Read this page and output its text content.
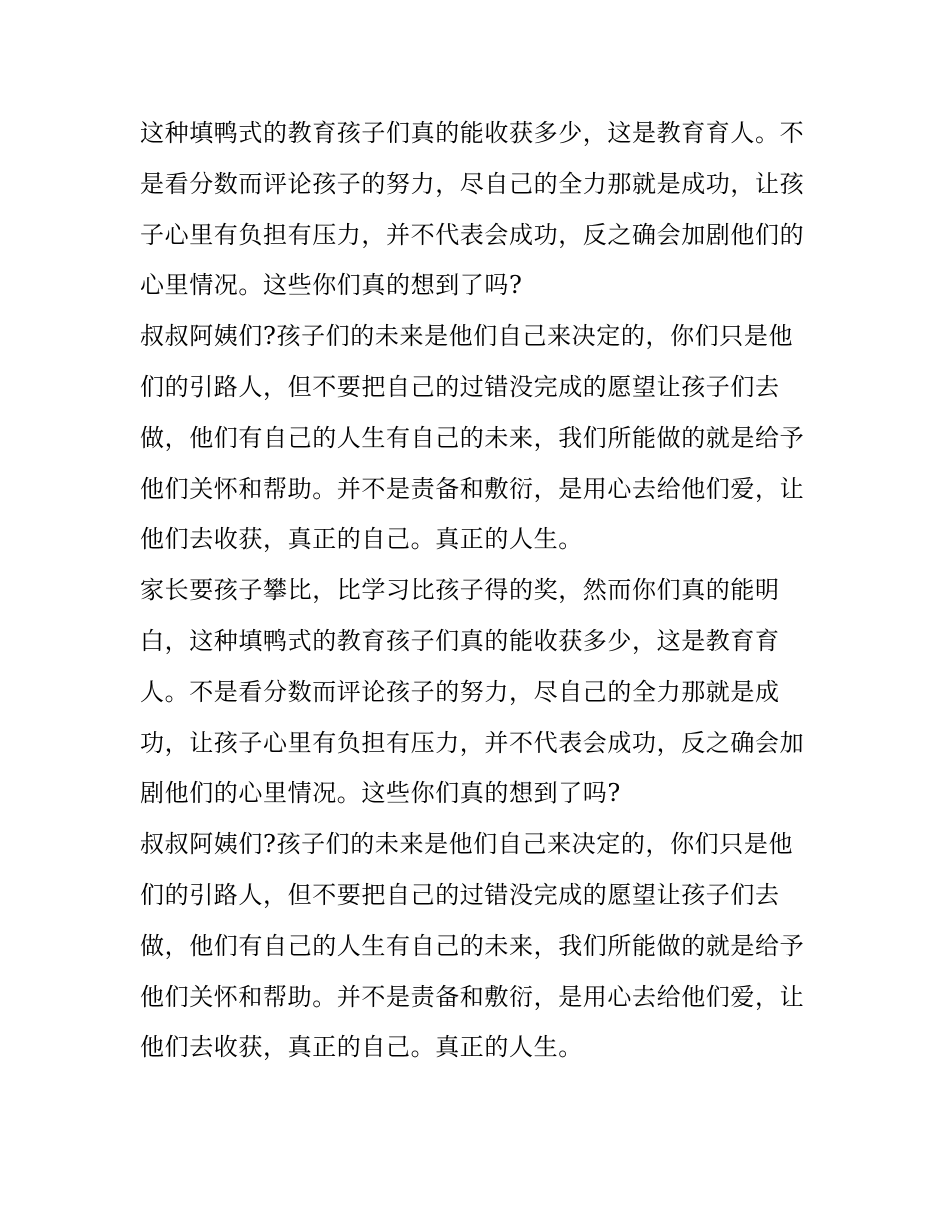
这种填鸭式的教育孩子们真的能收获多少，这是教育育人。不
是看分数而评论孩子的努力，尽自己的全力那就是成功，让孩
子心里有负担有压力，并不代表会成功，反之确会加剧他们的
心里情况。这些你们真的想到了吗?
叔叔阿姨们?孩子们的未来是他们自己来决定的，你们只是他
们的引路人，但不要把自己的过错没完成的愿望让孩子们去
做，他们有自己的人生有自己的未来，我们所能做的就是给予
他们关怀和帮助。并不是责备和敷衍，是用心去给他们爱，让
他们去收获，真正的自己。真正的人生。
家长要孩子攀比，比学习比孩子得的奖，然而你们真的能明
白，这种填鸭式的教育孩子们真的能收获多少，这是教育育
人。不是看分数而评论孩子的努力，尽自己的全力那就是成
功，让孩子心里有负担有压力，并不代表会成功，反之确会加
剧他们的心里情况。这些你们真的想到了吗?
叔叔阿姨们?孩子们的未来是他们自己来决定的，你们只是他
们的引路人，但不要把自己的过错没完成的愿望让孩子们去
做，他们有自己的人生有自己的未来，我们所能做的就是给予
他们关怀和帮助。并不是责备和敷衍，是用心去给他们爱，让
他们去收获，真正的自己。真正的人生。
